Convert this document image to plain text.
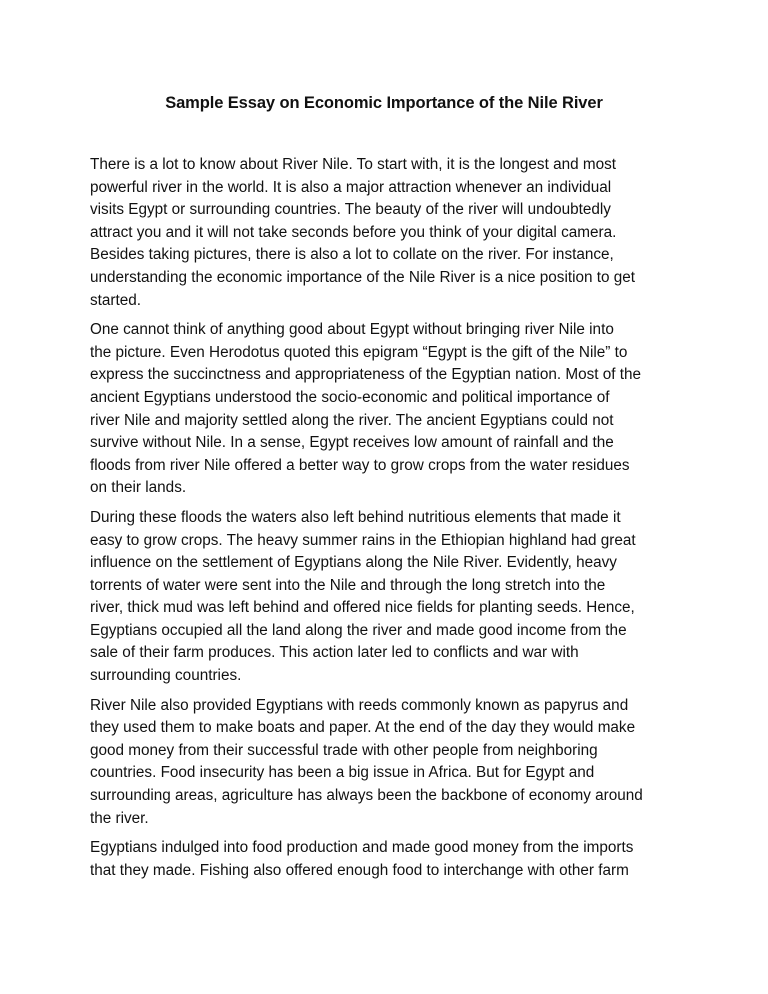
Sample Essay on Economic Importance of the Nile River

There is a lot to know about River Nile. To start with, it is the longest and most
powerful river in the world. It is also a major attraction whenever an individual
visits Egypt or surrounding countries. The beauty of the river will undoubtedly
attract you and it will not take seconds before you think of your digital camera.
Besides taking pictures, there is also a lot to collate on the river. For instance,
understanding the economic importance of the Nile River is a nice position to get
started.

One cannot think of anything good about Egypt without bringing river Nile into
the picture. Even Herodotus quoted this epigram “Egypt is the gift of the Nile” to
express the succinctness and appropriateness of the Egyptian nation. Most of the
ancient Egyptians understood the socio-economic and political importance of
river Nile and majority settled along the river. The ancient Egyptians could not
survive without Nile. In a sense, Egypt receives low amount of rainfall and the
floods from river Nile offered a better way to grow crops from the water residues
on their lands.

During these floods the waters also left behind nutritious elements that made it
easy to grow crops. The heavy summer rains in the Ethiopian highland had great
influence on the settlement of Egyptians along the Nile River. Evidently, heavy
torrents of water were sent into the Nile and through the long stretch into the
river, thick mud was left behind and offered nice fields for planting seeds. Hence,
Egyptians occupied all the land along the river and made good income from the
sale of their farm produces. This action later led to conflicts and war with
surrounding countries.

River Nile also provided Egyptians with reeds commonly known as papyrus and
they used them to make boats and paper. At the end of the day they would make
good money from their successful trade with other people from neighboring
countries. Food insecurity has been a big issue in Africa. But for Egypt and
surrounding areas, agriculture has always been the backbone of economy around
the river.

Egyptians indulged into food production and made good money from the imports
that they made. Fishing also offered enough food to interchange with other farm
